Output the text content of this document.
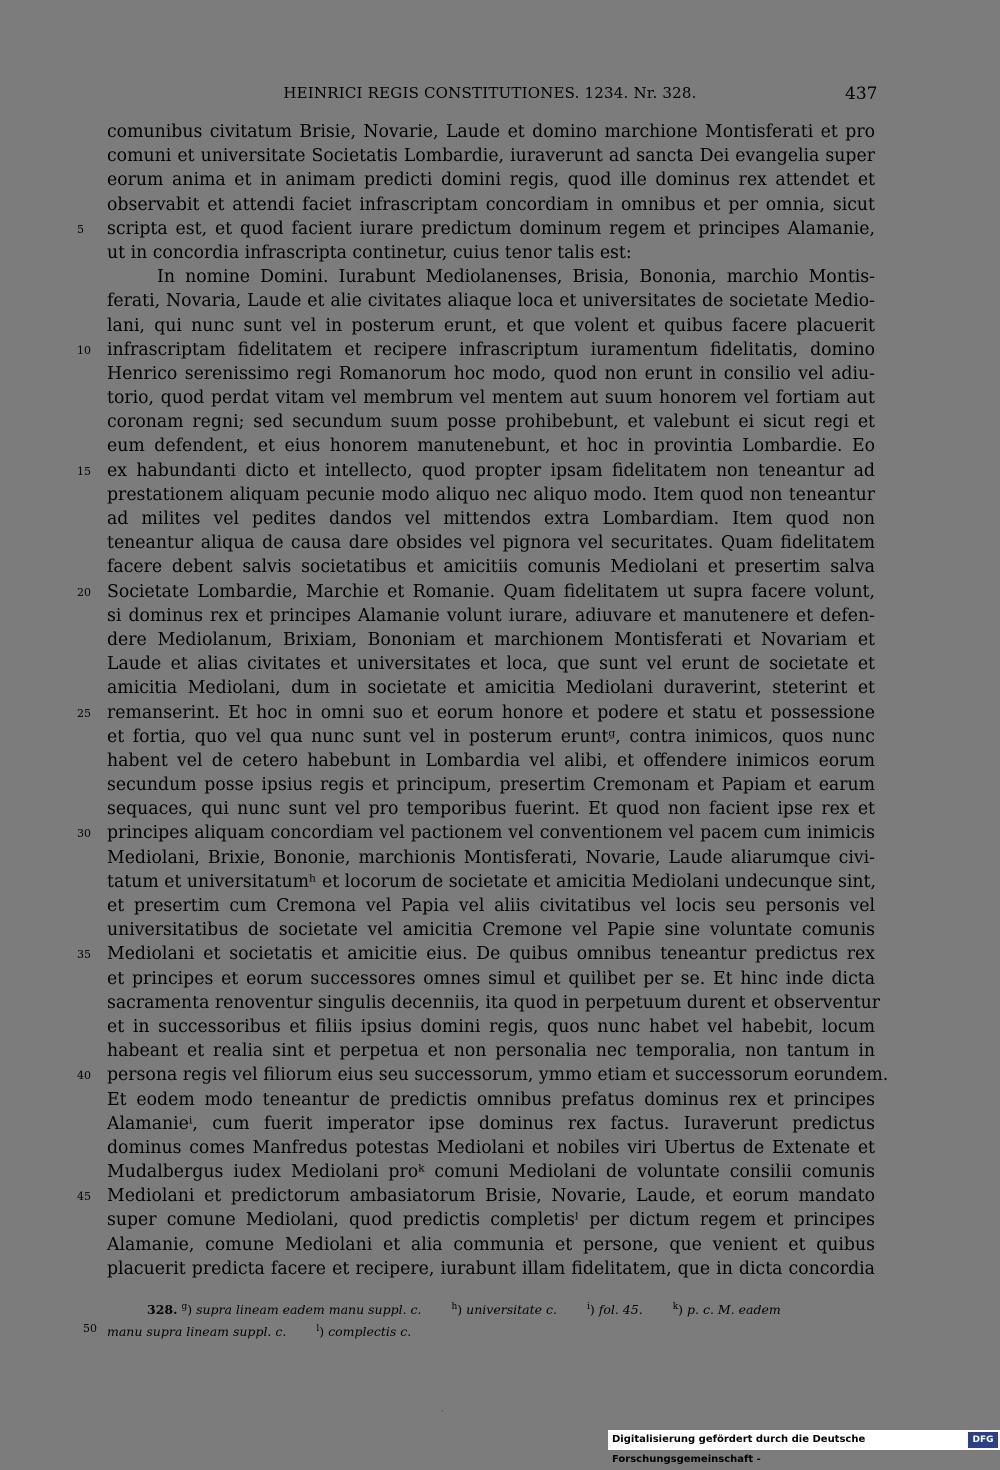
HEINRICI REGIS CONSTITUTIONES. 1234. Nr. 328.	437
comunibus civitatum Brisie, Novarie, Laude et domino marchione Montisferati et pro
comuni et universitate Societatis Lombardie, iuraverunt ad sancta Dei evangelia super
eorum anima et in animam predicti domini regis, quod ille dominus rex attendet et
observabit et attendi faciet infrascriptam concordiam in omnibus et per omnia, sicut
5	scripta est, et quod facient iurare predictum dominum regem et principes Alamanie,
ut in concordia infrascripta continetur, cuius tenor talis est:
In nomine Domini. Iurabunt Mediolanenses, Brisia, Bononia, marchio Montis-
ferati, Novaria, Laude et alie civitates aliaque loca et universitates de societate Medio-
lani, qui nunc sunt vel in posterum erunt, et que volent et quibus facere placuerit
10 infrascriptam fidelitatem et recipere infrascriptum iuramentum fidelitatis, domino
Henrico serenissimo regi Romanorum hoc modo, quod non erunt in consilio vel adiu-
torio, quod perdat vitam vel membrum vel mentem aut suum honorem vel fortiam aut
coronam regni; sed secundum suum posse prohibebunt, et valebunt ei sicut regi et
eum defendent, et eius honorem manutenebunt, et hoc in provintia Lombardie. Eo
15 ex habundanti dicto et intellecto, quod propter ipsam fidelitatem non teneantur ad
prestationem aliquam pecunie modo aliquo nec aliquo modo. Item quod non teneantur
ad milites vel pedites dandos vel mittendos extra Lombardiam. Item quod non
teneantur aliqua de causa dare obsides vel pignora vel securitates. Quam fidelitatem
facere debent salvis societatibus et amicitiis comunis Mediolani et presertim salva
20 Societate Lombardie, Marchie et Romanie. Quam fidelitatem ut supra facere volunt,
si dominus rex et principes Alamanie volunt iurare, adiuvare et manutenere et defen-
dere Mediolanum, Brixiam, Bononiam et marchionem Montisferati et Novariam et
Laude et alias civitates et universitates et loca, que sunt vel erunt de societate et
amicitia Mediolani, dum in societate et amicitia Mediolani duraverint, steterint et
25 remanserint. Et hoc in omni suo et eorum honore et podere et statu et possessione
et fortia, quo vel qua nunc sunt vel in posterum eruntᵍ, contra inimicos, quos nunc
habent vel de cetero habebunt in Lombardia vel alibi, et offendere inimicos eorum
secundum posse ipsius regis et principum, presertim Cremonam et Papiam et earum
sequaces, qui nunc sunt vel pro temporibus fuerint. Et quod non facient ipse rex et
30 principes aliquam concordiam vel pactionem vel conventionem vel pacem cum inimicis
Mediolani, Brixie, Bononie, marchionis Montisferati, Novarie, Laude aliarumque civi-
tatum et universitatumʰ et locorum de societate et amicitia Mediolani undecunque sint,
et presertim cum Cremona vel Papia vel aliis civitatibus vel locis seu personis vel
universitatibus de societate vel amicitia Cremone vel Papie sine voluntate comunis
35 Mediolani et societatis et amicitie eius. De quibus omnibus teneantur predictus rex
et principes et eorum successores omnes simul et quilibet per se. Et hinc inde dicta
sacramenta renoventur singulis decenniis, ita quod in perpetuum durent et observentur
et in successoribus et filiis ipsius domini regis, quos nunc habet vel habebit, locum
habeant et realia sint et perpetua et non personalia nec temporalia, non tantum in
40 persona regis vel filiorum eius seu successorum, ymmo etiam et successorum eorundem.
Et eodem modo teneantur de predictis omnibus prefatus dominus rex et principes
Alamanieⁱ, cum fuerit imperator ipse dominus rex factus. Iuraverunt predictus
dominus comes Manfredus potestas Mediolani et nobiles viri Ubertus de Extenate et
Mudalbergus iudex Mediolani proᵏ comuni Mediolani de voluntate consilii comunis
45 Mediolani et predictorum ambasiatorum Brisie, Novarie, Laude, et eorum mandato
super comune Mediolani, quod predictis completisˡ per dictum regem et principes
Alamanie, comune Mediolani et alia communia et persone, que venient et quibus
placuerit predicta facere et recipere, iurabunt illam fidelitatem, que in dicta concordia
328. $^g$) supra lineam eadem manu suppl. c.	$^h$) universitate c.	$^i$) fol. 45.	$^k$) p. c. M. eadem
50 manu supra lineam suppl. c.	$^l$) complectis c.
·
Digitalisierung gefördert durch die Deutsche Forschungsgemeinschaft -
DFG
